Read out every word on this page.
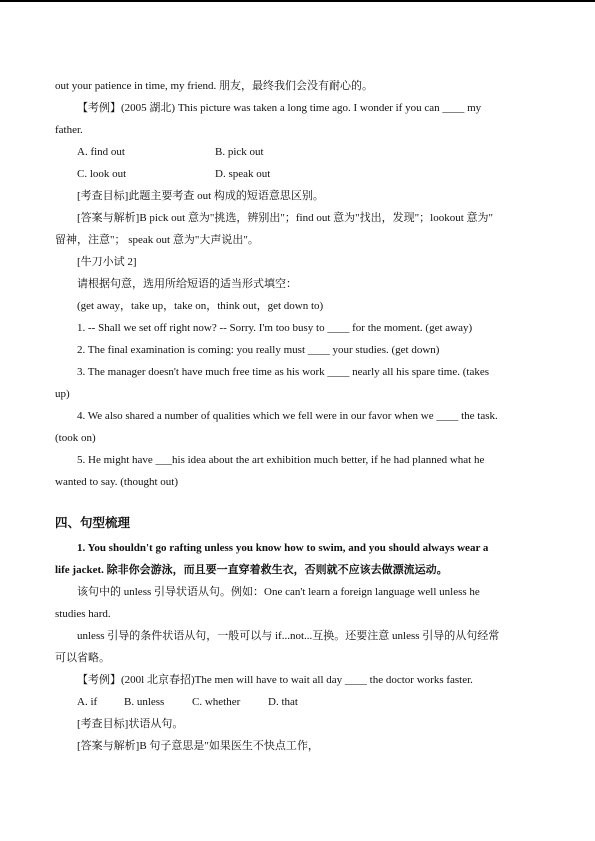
out your patience in time, my friend. 朋友，最终我们会没有耐心的。
【考例】(2005 湖北) This picture was taken a long time ago. I wonder if you can ____ my
father.
A. find out	B. pick out
C. look out	D. speak out
[考查目标]此题主要考查 out 构成的短语意思区别。
[答案与解析]B pick out 意为"挑选，辨别出"；find out 意为"找出，发现"；lookout 意为"
留神，注意"； speak out 意为"大声说出"。
[牛刀小试 2]
请根据句意，选用所给短语的适当形式填空：
(get away，take up，take on，think out，get down to)
1. -- Shall we set off right now? -- Sorry. I'm too busy to ____ for the moment. (get away)
2. The final examination is coming: you really must ____ your studies. (get down)
3. The manager doesn't have much free time as his work ____ nearly all his spare time. (takes
up)
4. We also shared a number of qualities which we fell were in our favor when we ____ the task.
(took on)
5. He might have ___his idea about the art exhibition much better, if he had planned what he
wanted to say. (thought out)
四、句型梳理
1. You shouldn't go rafting unless you know how to swim, and you should always wear a
life jacket. 除非你会游泳，而且要一直穿着救生衣，否则就不应该去做漂流运动。
该句中的 unless 引导状语从句。例如：One can't learn a foreign language well unless he
studies hard.
unless 引导的条件状语从句，一般可以与 if...not...互换。还要注意 unless 引导的从句经常
可以省略。
【考例】(200l 北京春招)The men will have to wait all day ____ the doctor works faster.
A. if B. unless	C. whether	D. that
[考查目标]状语从句。
[答案与解析]B 句子意思是"如果医生不快点工作，
